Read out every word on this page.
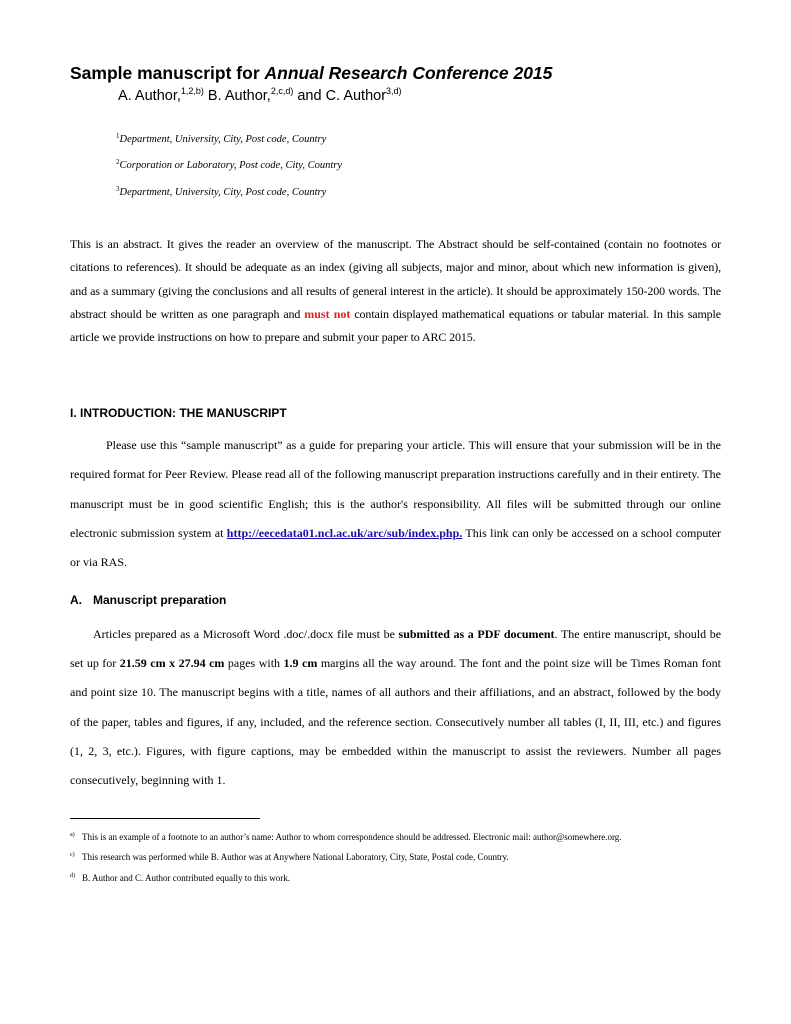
Sample manuscript for Annual Research Conference 2015
A. Author,$^{1,2,b)}$ B. Author,$^{2,c,d)}$ and C. Author$^{3,d)}$
$^1$Department, University, City, Post code, Country
$^2$Corporation or Laboratory, Post code, City, Country
$^3$Department, University, City, Post code, Country
This is an abstract. It gives the reader an overview of the manuscript. The Abstract should be self-contained (contain no footnotes or citations to references). It should be adequate as an index (giving all subjects, major and minor, about which new information is given), and as a summary (giving the conclusions and all results of general interest in the article). It should be approximately 150-200 words. The abstract should be written as one paragraph and must not contain displayed mathematical equations or tabular material. In this sample article we provide instructions on how to prepare and submit your paper to ARC 2015.
I. INTRODUCTION: THE MANUSCRIPT
Please use this “sample manuscript” as a guide for preparing your article. This will ensure that your submission will be in the required format for Peer Review. Please read all of the following manuscript preparation instructions carefully and in their entirety. The manuscript must be in good scientific English; this is the author's responsibility. All files will be submitted through our online electronic submission system at http://eecedata01.ncl.ac.uk/arc/sub/index.php. This link can only be accessed on a school computer or via RAS.
A. Manuscript preparation
Articles prepared as a Microsoft Word .doc/.docx file must be submitted as a PDF document. The entire manuscript, should be set up for 21.59 cm x 27.94 cm pages with 1.9 cm margins all the way around. The font and the point size will be Times Roman font and point size 10. The manuscript begins with a title, names of all authors and their affiliations, and an abstract, followed by the body of the paper, tables and figures, if any, included, and the reference section. Consecutively number all tables (I, II, III, etc.) and figures (1, 2, 3, etc.). Figures, with figure captions, may be embedded within the manuscript to assist the reviewers. Number all pages consecutively, beginning with 1.
$^{a)}$ This is an example of a footnote to an author’s name: Author to whom correspondence should be addressed. Electronic mail: author@somewhere.org.
$^{c)}$ This research was performed while B. Author was at Anywhere National Laboratory, City, State, Postal code, Country.
$^{d)}$ B. Author and C. Author contributed equally to this work.
